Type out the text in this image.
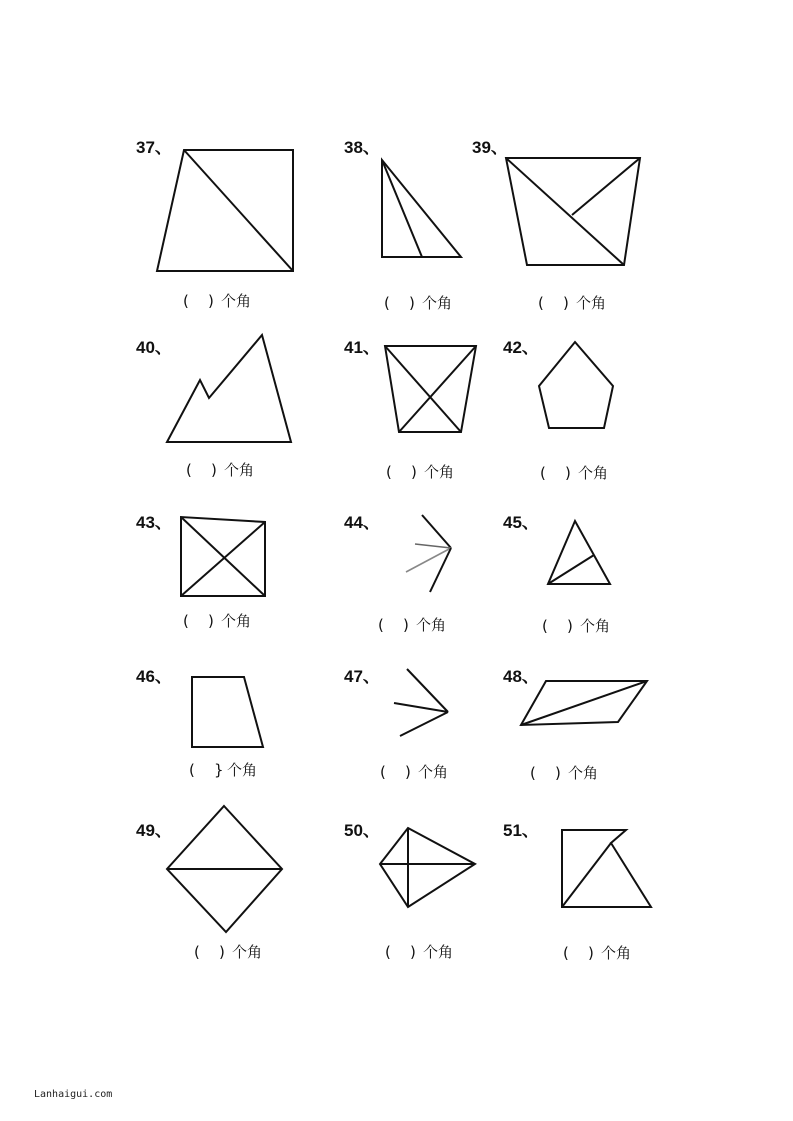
37、	38、	39、
40、	41、	42、
43、	44、	45、
46、	47、	48、
49、	50、	51、
( ) 个角	( ) 个角	( ) 个角
( ) 个角	( ) 个角	( ) 个角
( ) 个角	( ) 个角	( ) 个角
( } 个角	( ) 个角	( ) 个角
( ) 个角	( ) 个角	( ) 个角
Lanhaigui.com
